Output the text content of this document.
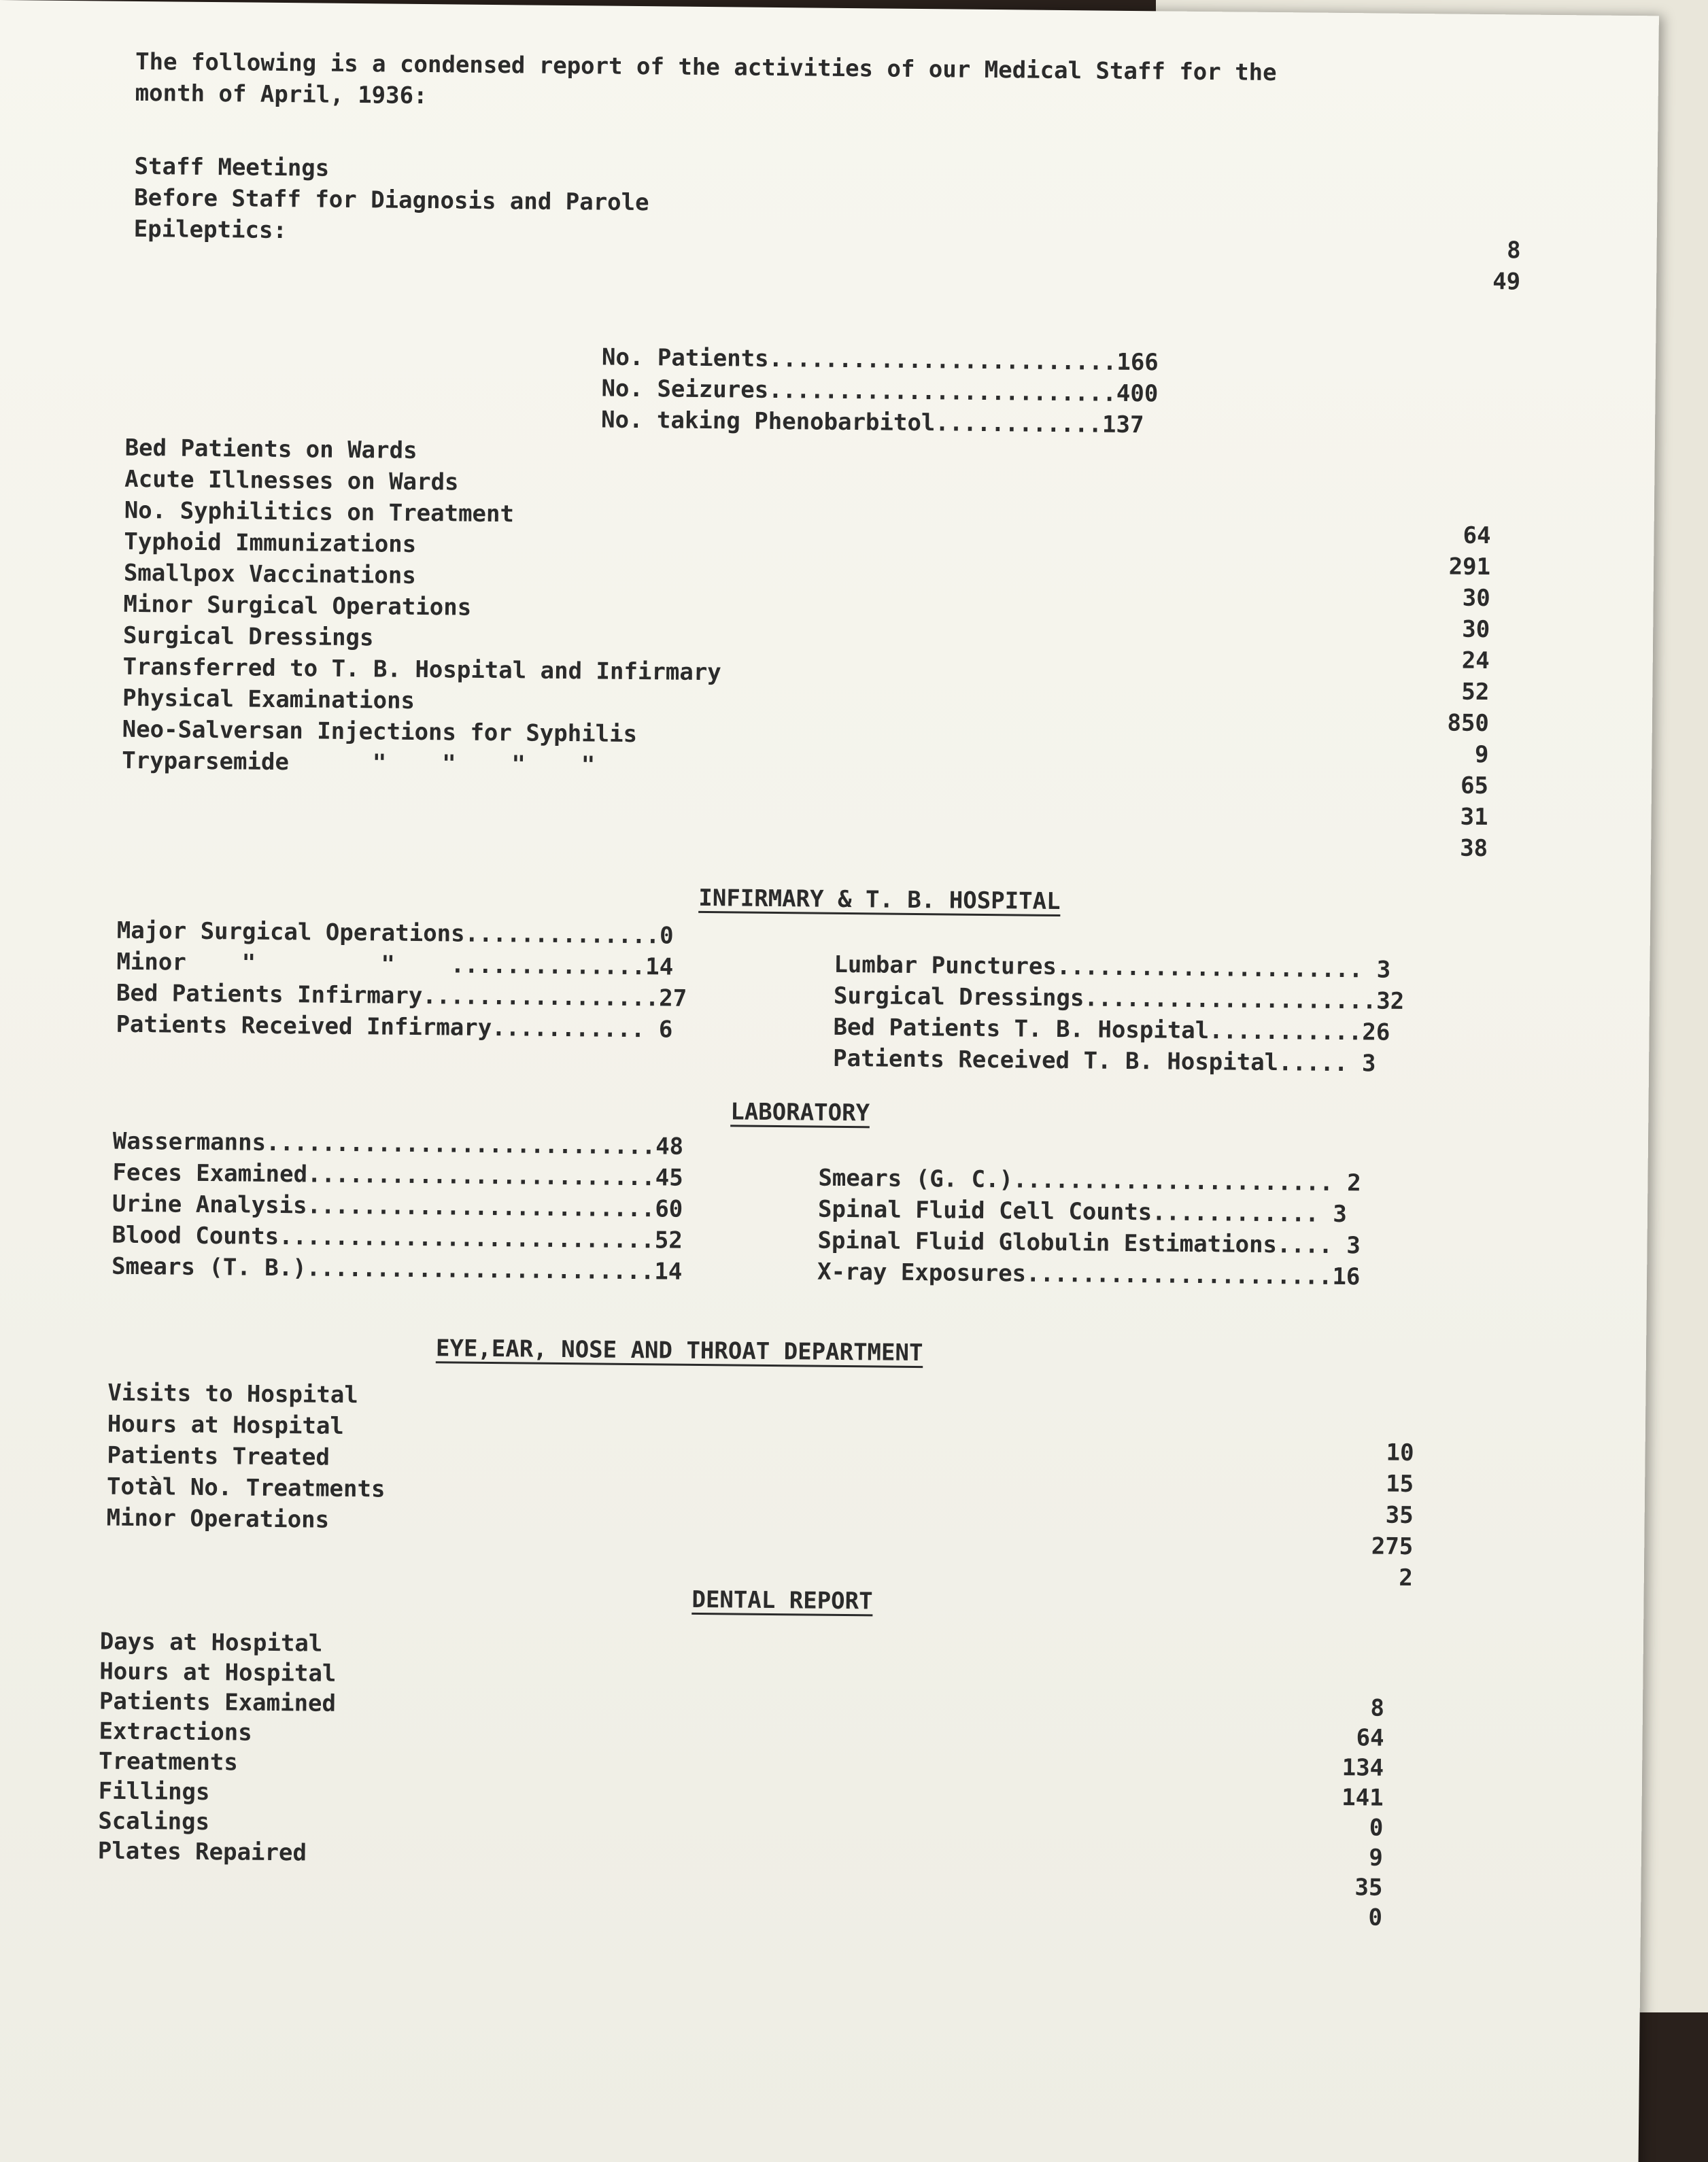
The following is a condensed report of the activities of our Medical Staff for the
month of April, 1936:
Staff Meetings
Before Staff for Diagnosis and Parole
Epileptics:
8
49
No. Patients.........................166
No. Seizures.........................400
No. taking Phenobarbitol............137
Bed Patients on Wards
Acute Illnesses on Wards
No. Syphilitics on Treatment
Typhoid Immunizations
Smallpox Vaccinations
Minor Surgical Operations
Surgical Dressings
Transferred to T. B. Hospital and Infirmary
Physical Examinations
Neo-Salversan Injections for Syphilis
Tryparsemide      "    "    "    "
64
291
30
30
24
52
850
9
65
31
38
INFIRMARY & T. B. HOSPITAL
Major Surgical Operations..............0
Minor    "         "    ..............14
Bed Patients Infirmary.................27
Patients Received Infirmary........... 6
Lumbar Punctures...................... 3
Surgical Dressings.....................32
Bed Patients T. B. Hospital...........26
Patients Received T. B. Hospital..... 3
LABORATORY
Wassermanns............................48
Feces Examined.........................45
Urine Analysis.........................60
Blood Counts...........................52
Smears (T. B.).........................14
Smears (G. C.)....................... 2
Spinal Fluid Cell Counts............ 3
Spinal Fluid Globulin Estimations.... 3
X-ray Exposures......................16
EYE,EAR, NOSE AND THROAT DEPARTMENT
Visits to Hospital
Hours at Hospital
Patients Treated
Totàl No. Treatments
Minor Operations
10
15
35
275
2
DENTAL REPORT
Days at Hospital
Hours at Hospital
Patients Examined
Extractions
Treatments
Fillings
Scalings
Plates Repaired
8
64
134
141
0
9
35
0
